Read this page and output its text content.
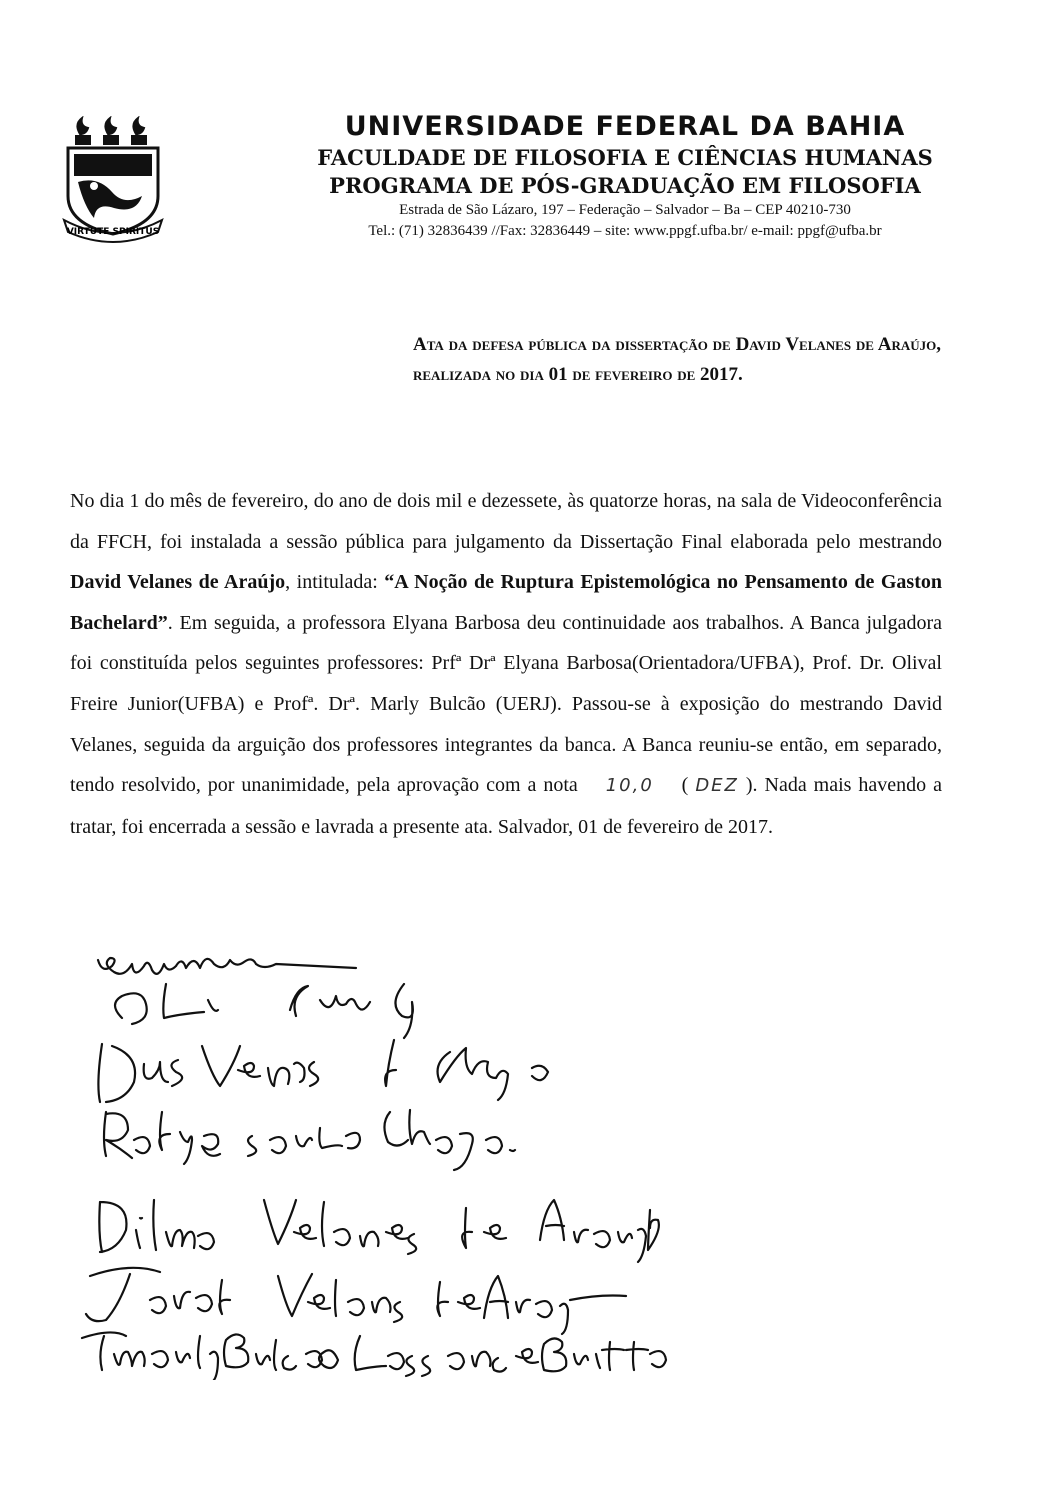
VIRTUTE SPIRITUS
UNIVERSIDADE FEDERAL DA BAHIA
FACULDADE DE FILOSOFIA E CIÊNCIAS HUMANAS
PROGRAMA DE PÓS-GRADUAÇÃO EM FILOSOFIA
Estrada de São Lázaro, 197 – Federação – Salvador – Ba – CEP 40210-730
Tel.: (71) 32836439 //Fax: 32836449 – site: www.ppgf.ufba.br/ e-mail: ppgf@ufba.br
Ata da defesa pública da dissertação de David Velanes de Araújo, realizada no dia 01 de fevereiro de 2017.
No dia 1 do mês de fevereiro, do ano de dois mil e dezessete, às quatorze horas, na sala de Videoconferência da FFCH, foi instalada a sessão pública para julgamento da Dissertação Final elaborada pelo mestrando David Velanes de Araújo, intitulada: “A Noção de Ruptura Epistemológica no Pensamento de Gaston Bachelard”. Em seguida, a professora Elyana Barbosa deu continuidade aos trabalhos. A Banca julgadora foi constituída pelos seguintes professores: Prfª Drª Elyana Barbosa(Orientadora/UFBA), Prof. Dr. Olival Freire Junior(UFBA) e Profª. Drª. Marly Bulcão (UERJ). Passou-se à exposição do mestrando David Velanes, seguida da arguição dos professores integrantes da banca. A Banca reuniu-se então, em separado, tendo resolvido, por unanimidade, pela aprovação com a nota    10,0    ( DEZ ). Nada mais havendo a tratar, foi encerrada a sessão e lavrada a presente ata. Salvador, 01 de fevereiro de 2017.
